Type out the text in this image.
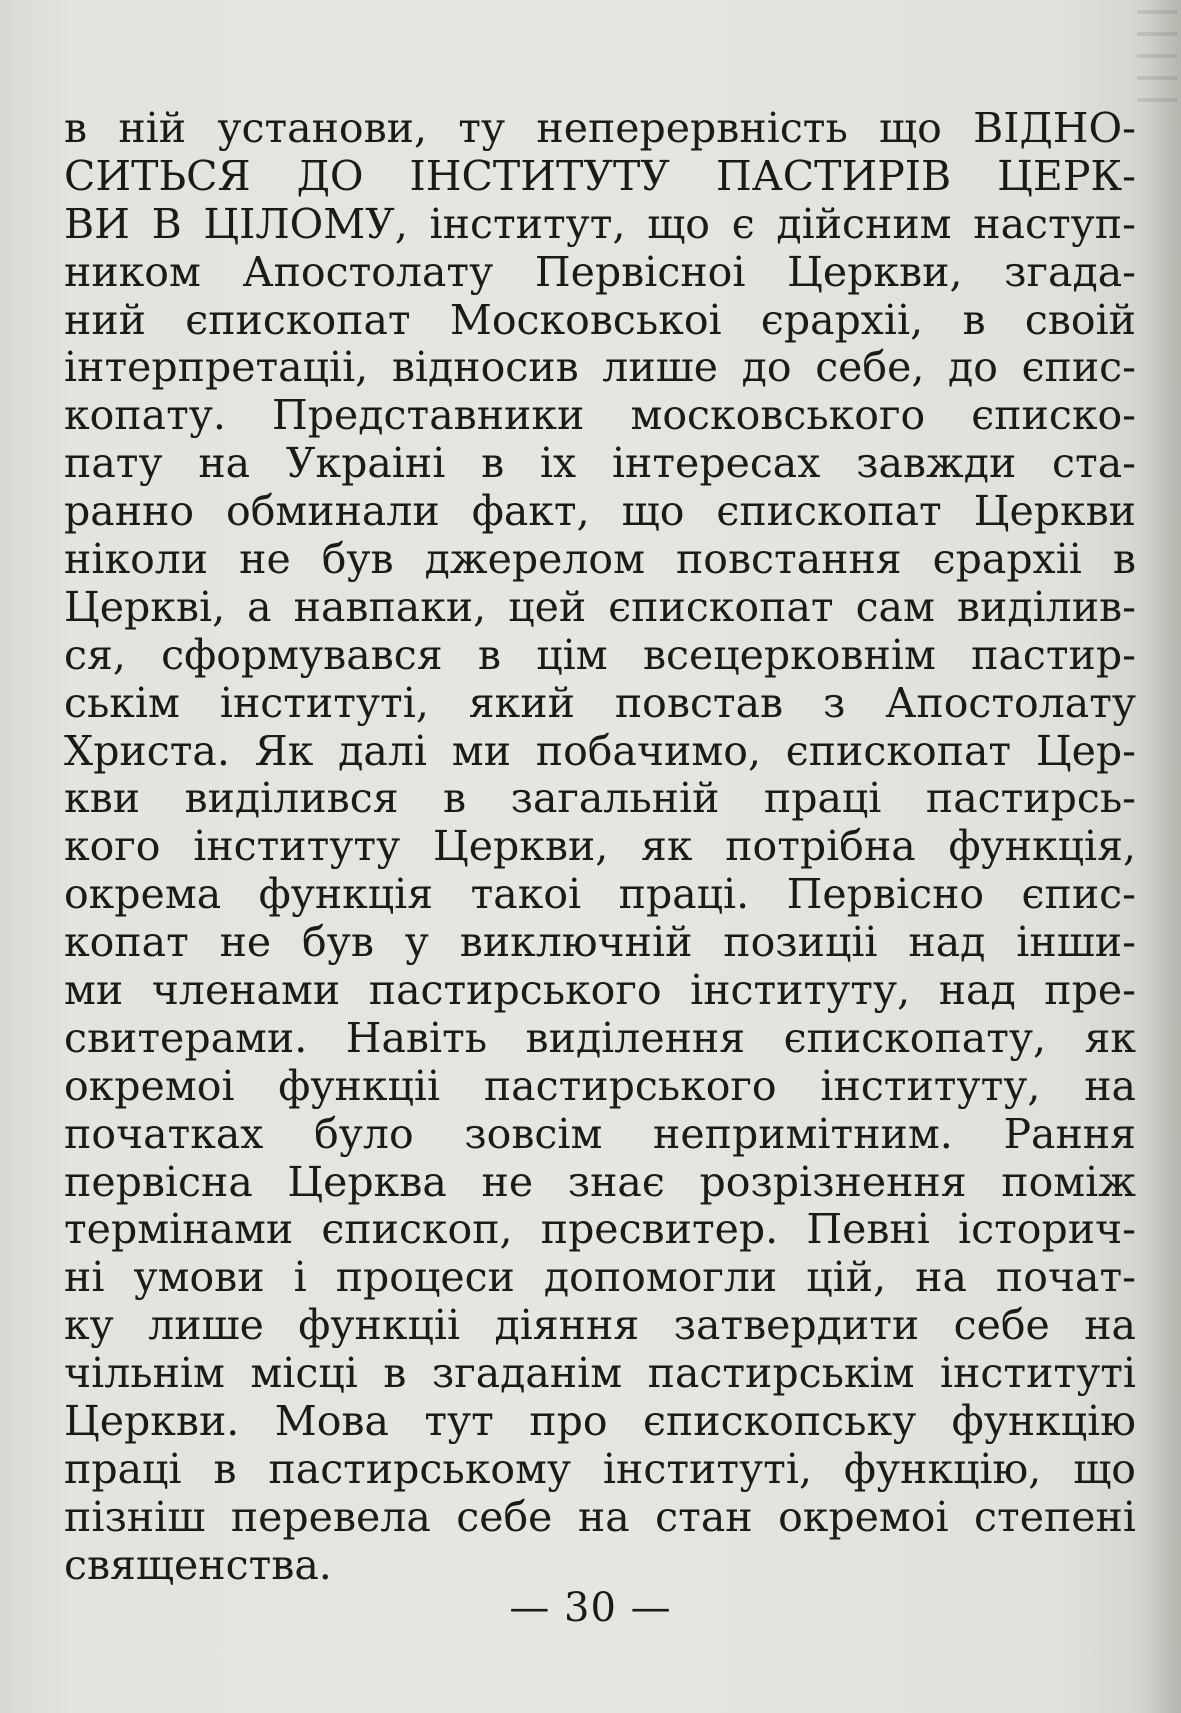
в ній установи, ту неперервність що ВІДНО-
СИТЬСЯ ДО ІНСТИТУТУ ПАСТИРІВ ЦЕРК-
ВИ В ЦІЛОМУ, інститут, що є дійсним наступ-
ником Апостолату Первісноі Церкви, згада-
ний єпископат Московськоі єрархіі, в своій
інтерпретаціі, відносив лише до себе, до єпис-
копату. Представники московського єписко-
пату на Украіні в іх інтересах завжди ста-
ранно обминали факт, що єпископат Церкви
ніколи не був джерелом повстання єрархіі в
Церкві, а навпаки, цей єпископат сам виділив-
ся, сформувався в цім всецерковнім пастир-
ськім інституті, який повстав з Апостолату
Христа. Як далі ми побачимо, єпископат Цер-
кви виділився в загальній праці пастирсь-
кого інституту Церкви, як потрібна функція,
окрема функція такоі праці. Первісно єпис-
копат не був у виключній позиціі над інши-
ми членами пастирського інституту, над пре-
свитерами. Навіть виділення єпископату, як
окремоі функціі пастирського інституту, на
початках було зовсім непримітним. Рання
первісна Церква не знає розрізнення поміж
термінами єпископ, пресвитер. Певні історич-
ні умови і процеси допомогли цій, на почат-
ку лише функціі діяння затвердити себе на
чільнім місці в згаданім пастирськім інституті
Церкви. Мова тут про єпископську функцію
праці в пастирському інституті, функцію, що
пізніш перевела себе на стан окремоі степені
священства.
— 30 —
